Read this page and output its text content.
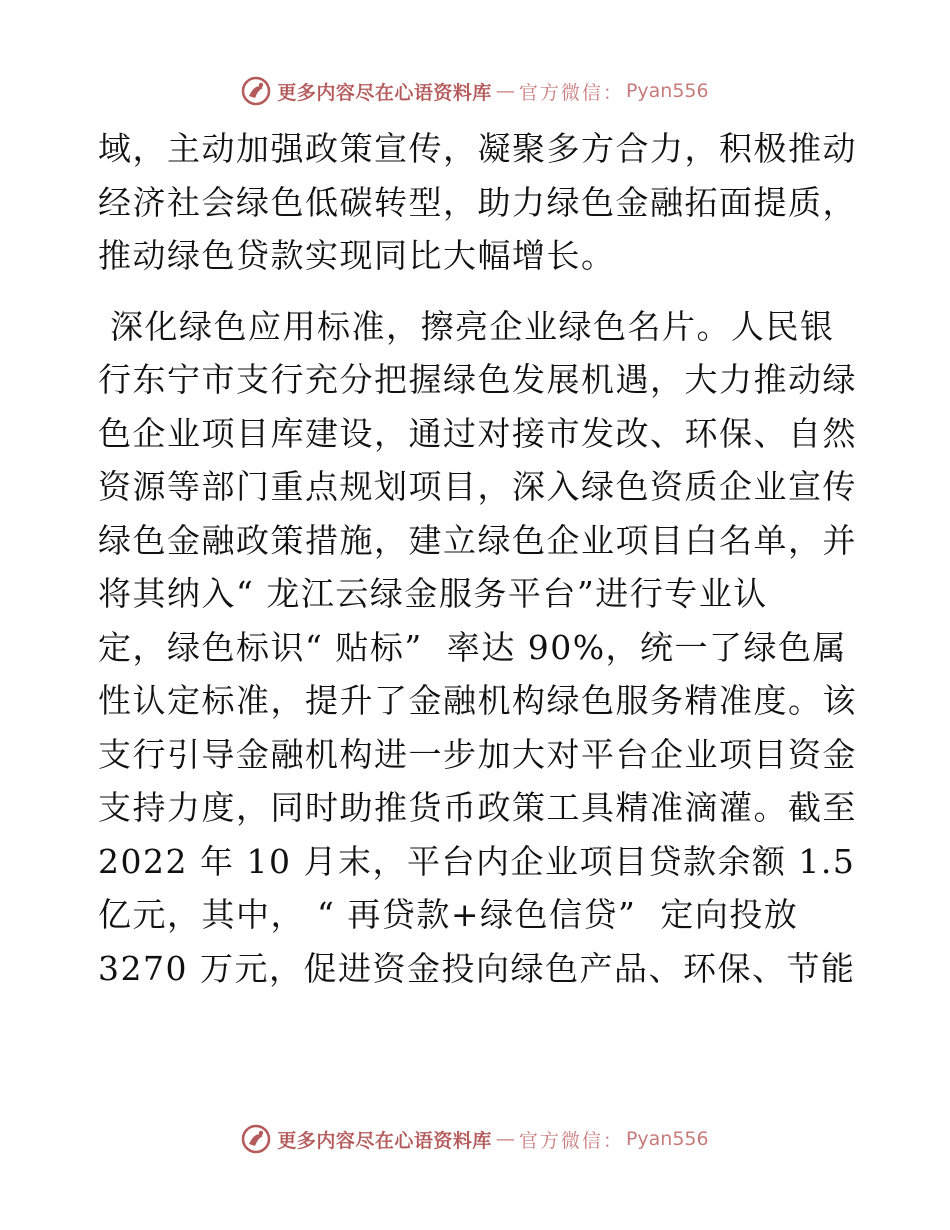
更多内容尽在心语资料库 — 官方微信： Pyan556

域，主动加强政策宣传，凝聚多方合力，积极推动
经济社会绿色低碳转型，助力绿色金融拓面提质，
推动绿色贷款实现同比大幅增长。

深化绿色应用标准，擦亮企业绿色名片。人民银
行东宁市支行充分把握绿色发展机遇，大力推动绿
色企业项目库建设，通过对接市发改、环保、自然
资源等部门重点规划项目，深入绿色资质企业宣传
绿色金融政策措施，建立绿色企业项目白名单，并
将其纳入“ 龙江云绿金服务平台”进行专业认
定，绿色标识“ 贴标”  率达 90%，统一了绿色属
性认定标准，提升了金融机构绿色服务精准度。该
支行引导金融机构进一步加大对平台企业项目资金
支持力度，同时助推货币政策工具精准滴灌。截至
2022 年 10 月末，平台内企业项目贷款余额 1.5
亿元，其中， “ 再贷款+绿色信贷”  定向投放
3270 万元，促进资金投向绿色产品、环保、节能

更多内容尽在心语资料库 — 官方微信： Pyan556
